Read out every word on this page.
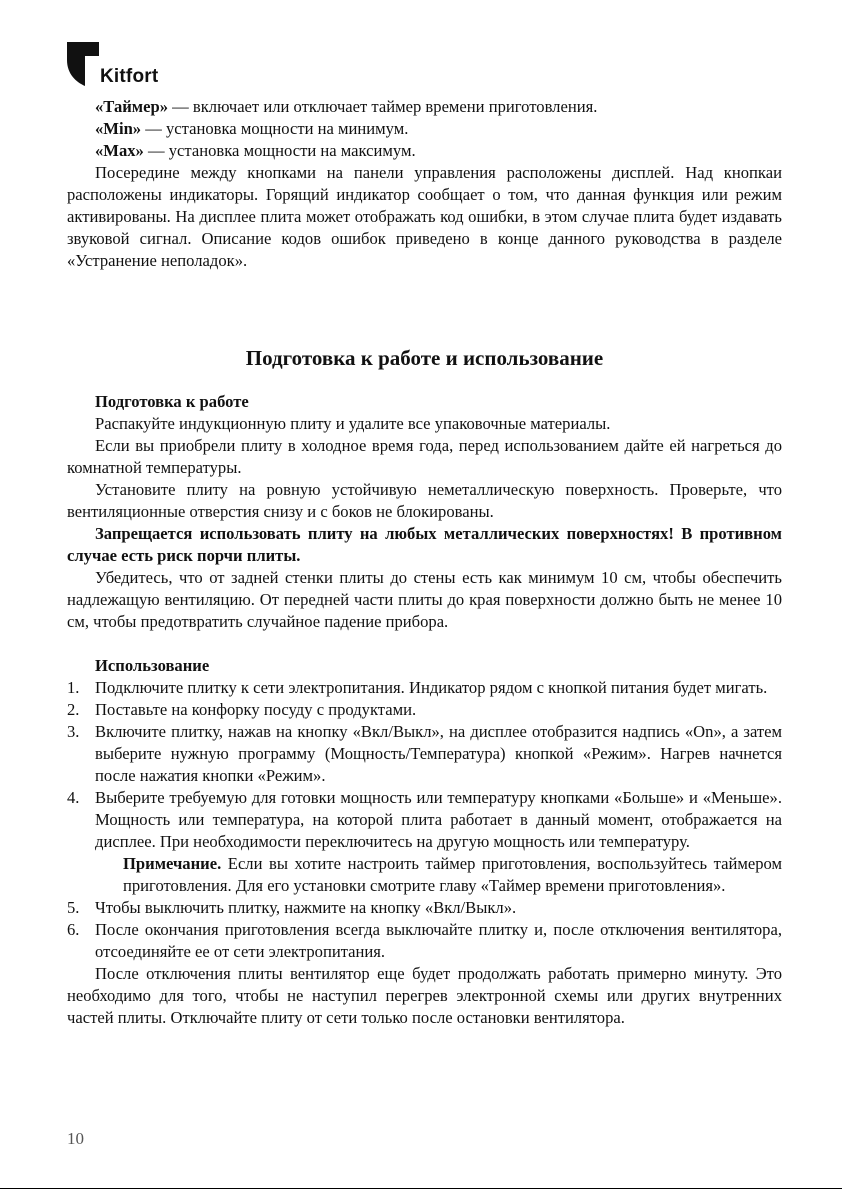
Kitfort

«Таймер» — включает или отключает таймер времени приготовления.

«Min» — установка мощности на минимум.

«Max» — установка мощности на максимум.

Посередине между кнопками на панели управления расположены дисплей. Над кнопкаи расположены индикаторы. Горящий индикатор сообщает о том, что данная функция или режим активированы. На дисплее плита может отображать код ошибки, в этом случае плита будет издавать звуковой сигнал. Описание кодов ошибок приведено в конце данного руководства в разделе «Устранение неполадок».

Подготовка к работе и использование

Подготовка к работе

Распакуйте индукционную плиту и удалите все упаковочные материалы.

Если вы приобрели плиту в холодное время года, перед использованием дайте ей нагреться до комнатной температуры.

Установите плиту на ровную устойчивую неметаллическую поверхность. Проверьте, что вентиляционные отверстия снизу и с боков не блокированы.

Запрещается использовать плиту на любых металлических поверхностях! В противном случае есть риск порчи плиты.

Убедитесь, что от задней стенки плиты до стены есть как минимум 10 см, чтобы обеспечить надлежащую вентиляцию. От передней части плиты до края поверхности должно быть не менее 10 см, чтобы предотвратить случайное падение прибора.

Использование

1. Подключите плитку к сети электропитания. Индикатор рядом с кнопкой питания будет мигать.
2. Поставьте на конфорку посуду с продуктами.
3. Включите плитку, нажав на кнопку «Вкл/Выкл», на дисплее отобразится надпись «On», а затем выберите нужную программу (Мощность/Температура) кнопкой «Режим». Нагрев начнется после нажатия кнопки «Режим».
4. Выберите требуемую для готовки мощность или температуру кнопками «Больше» и «Меньше». Мощность или температура, на которой плита работает в данный момент, отображается на дисплее. При необходимости переключитесь на другую мощность или температуру.

Примечание. Если вы хотите настроить таймер приготовления, воспользуйтесь таймером приготовления. Для его установки смотрите главу «Таймер времени приготовления».

5. Чтобы выключить плитку, нажмите на кнопку «Вкл/Выкл».
6. После окончания приготовления всегда выключайте плитку и, после отключения вентилятора, отсоединяйте ее от сети электропитания.

После отключения плиты вентилятор еще будет продолжать работать примерно минуту. Это необходимо для того, чтобы не наступил перегрев электронной схемы или других внутренних частей плиты. Отключайте плиту от сети только после остановки вентилятора.

10
